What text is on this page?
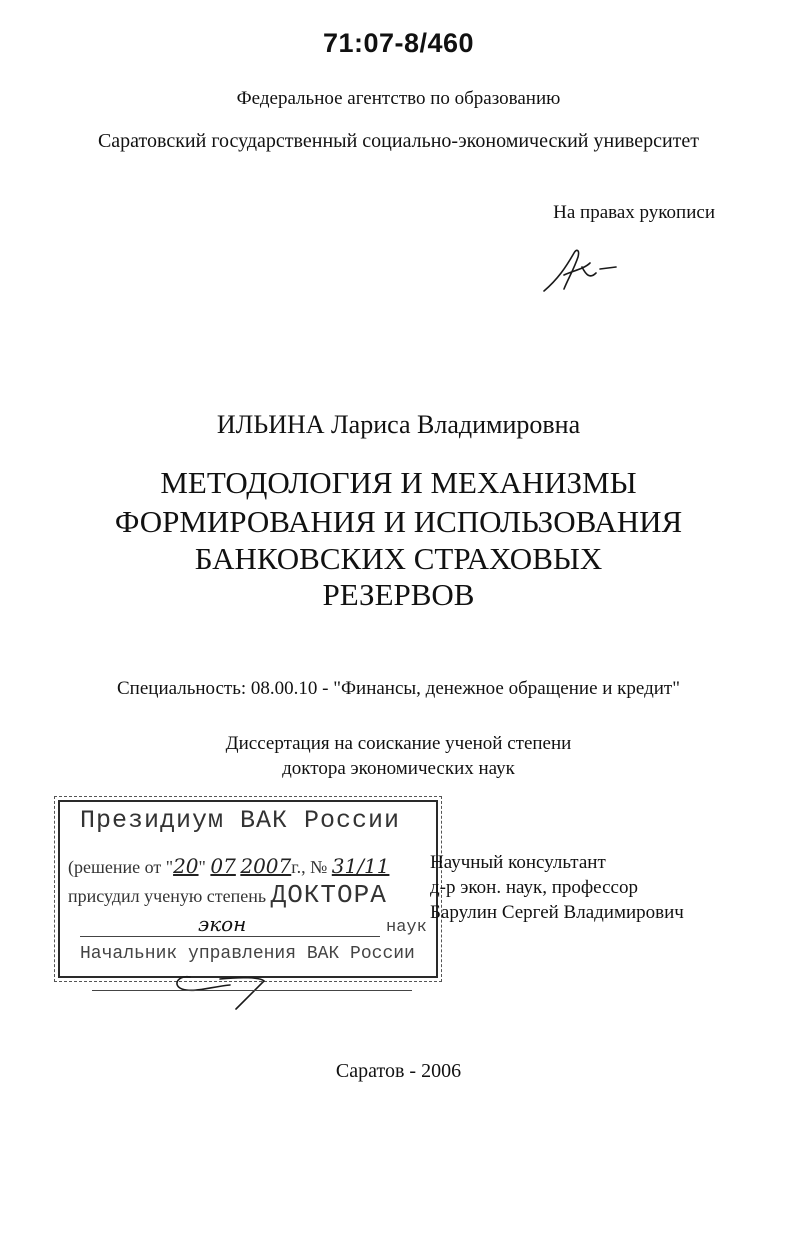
71:07-8/460
Федеральное агентство по образованию
Саратовский государственный социально-экономический университет
На правах рукописи
ИЛЬИНА Лариса Владимировна
МЕТОДОЛОГИЯ И МЕХАНИЗМЫ
ФОРМИРОВАНИЯ И ИСПОЛЬЗОВАНИЯ
БАНКОВСКИХ СТРАХОВЫХ
РЕЗЕРВОВ
Специальность: 08.00.10 - "Финансы, денежное обращение и кредит"
Диссертация на соискание ученой степени
доктора экономических наук
Президиум ВАК России
(решение от "20" 07 2007г., № 31/11
присудил ученую степень ДОКТОРА
экон	наук
Начальник управления ВАК России
Научный консультант
д-р экон. наук, профессор
Барулин Сергей Владимирович
Саратов - 2006
